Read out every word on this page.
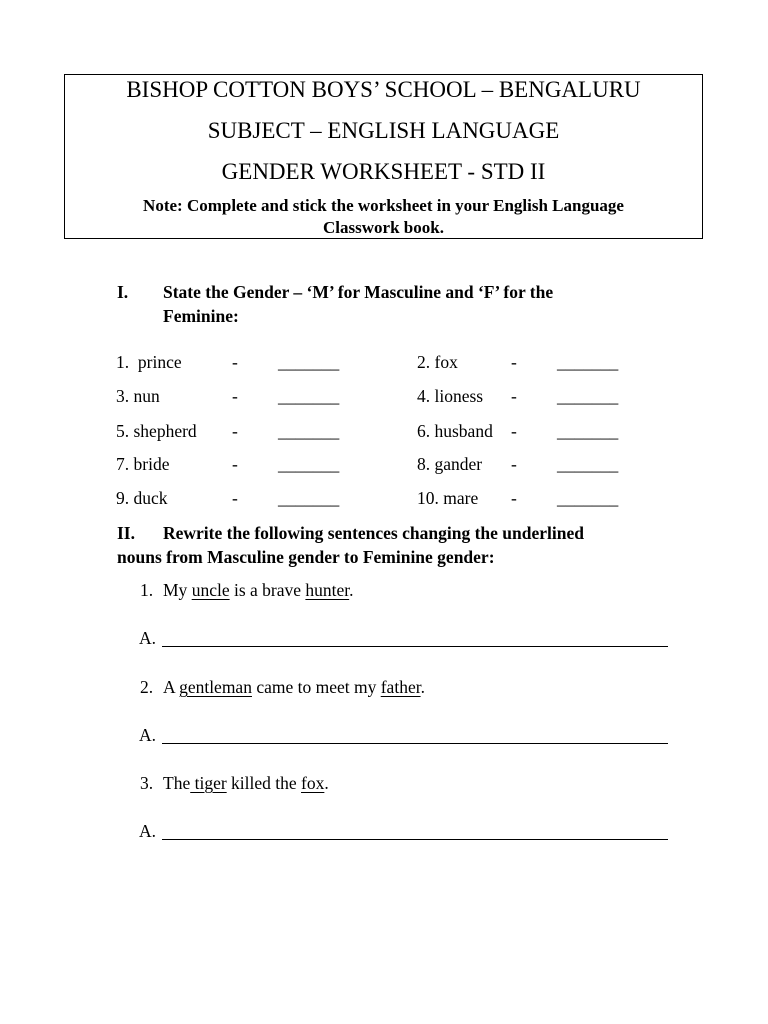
BISHOP COTTON BOYS’ SCHOOL – BENGALURU
SUBJECT – ENGLISH LANGUAGE
GENDER WORKSHEET - STD II
Note: Complete and stick the worksheet in your English Language
Classwork book.
I. State the Gender – ‘M’ for Masculine and ‘F’ for the
Feminine:
1.  prince	- _______	2. fox	- _______
3. nun	- _______	4. lioness - _______
5. shepherd - _______	6. husband - _______
7. bride	- _______	8. gander - _______
9. duck	- _______	10. mare - _______
II. Rewrite the following sentences changing the underlined
nouns from Masculine gender to Feminine gender:
1. My uncle is a brave hunter.
A.
2. A gentleman came to meet my father.
A.
3. The tiger killed the fox.
A.
